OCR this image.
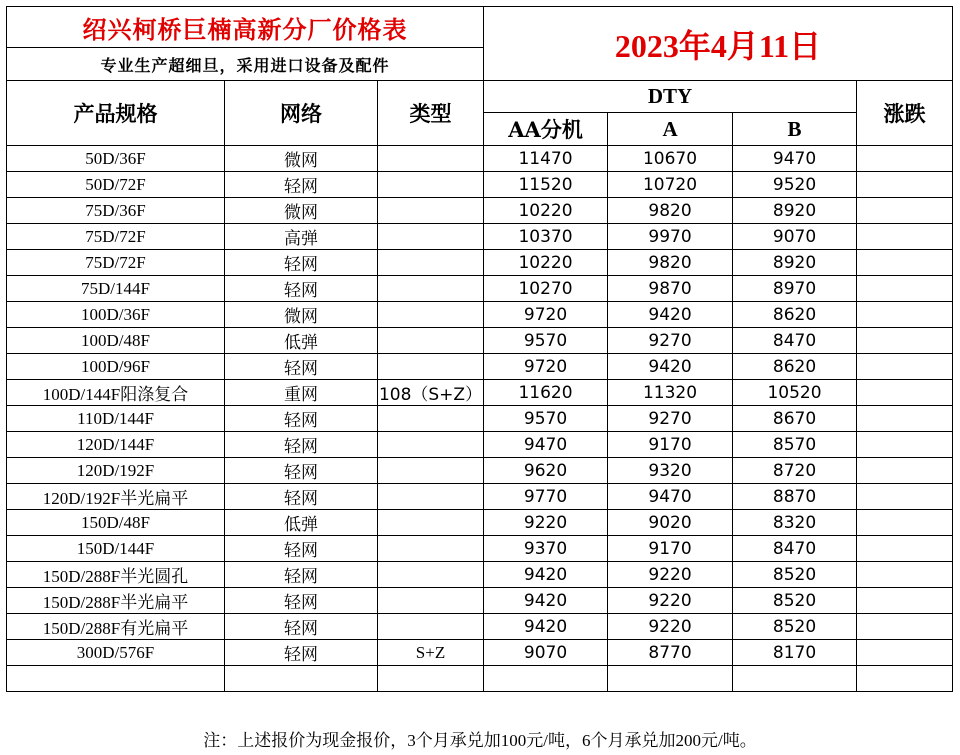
绍兴柯桥巨楠高新分厂价格表			2023年4月11日			
专业生产超细旦，采用进口设备及配件						
产品规格	网络	类型	DTY			涨跌
			AA分机	A	B	
50D/36F	微网		11470	10670	9470	
50D/72F	轻网		11520	10720	9520	
75D/36F	微网		10220	9820	8920	
75D/72F	高弹		10370	9970	9070	
75D/72F	轻网		10220	9820	8920	
75D/144F	轻网		10270	9870	8970	
100D/36F	微网		9720	9420	8620	
100D/48F	低弹		9570	9270	8470	
100D/96F	轻网		9720	9420	8620	
100D/144F阳涤复合	重网	108（S+Z）	11620	11320	10520	
110D/144F	轻网		9570	9270	8670	
120D/144F	轻网		9470	9170	8570	
120D/192F	轻网		9620	9320	8720	
120D/192F半光扁平	轻网		9770	9470	8870	
150D/48F	低弹		9220	9020	8320	
150D/144F	轻网		9370	9170	8470	
150D/288F半光圆孔	轻网		9420	9220	8520	
150D/288F半光扁平	轻网		9420	9220	8520	
150D/288F有光扁平	轻网		9420	9220	8520	
300D/576F	轻网	S+Z	9070	8770	8170	

注：上述报价为现金报价，3个月承兑加100元/吨，6个月承兑加200元/吨。
